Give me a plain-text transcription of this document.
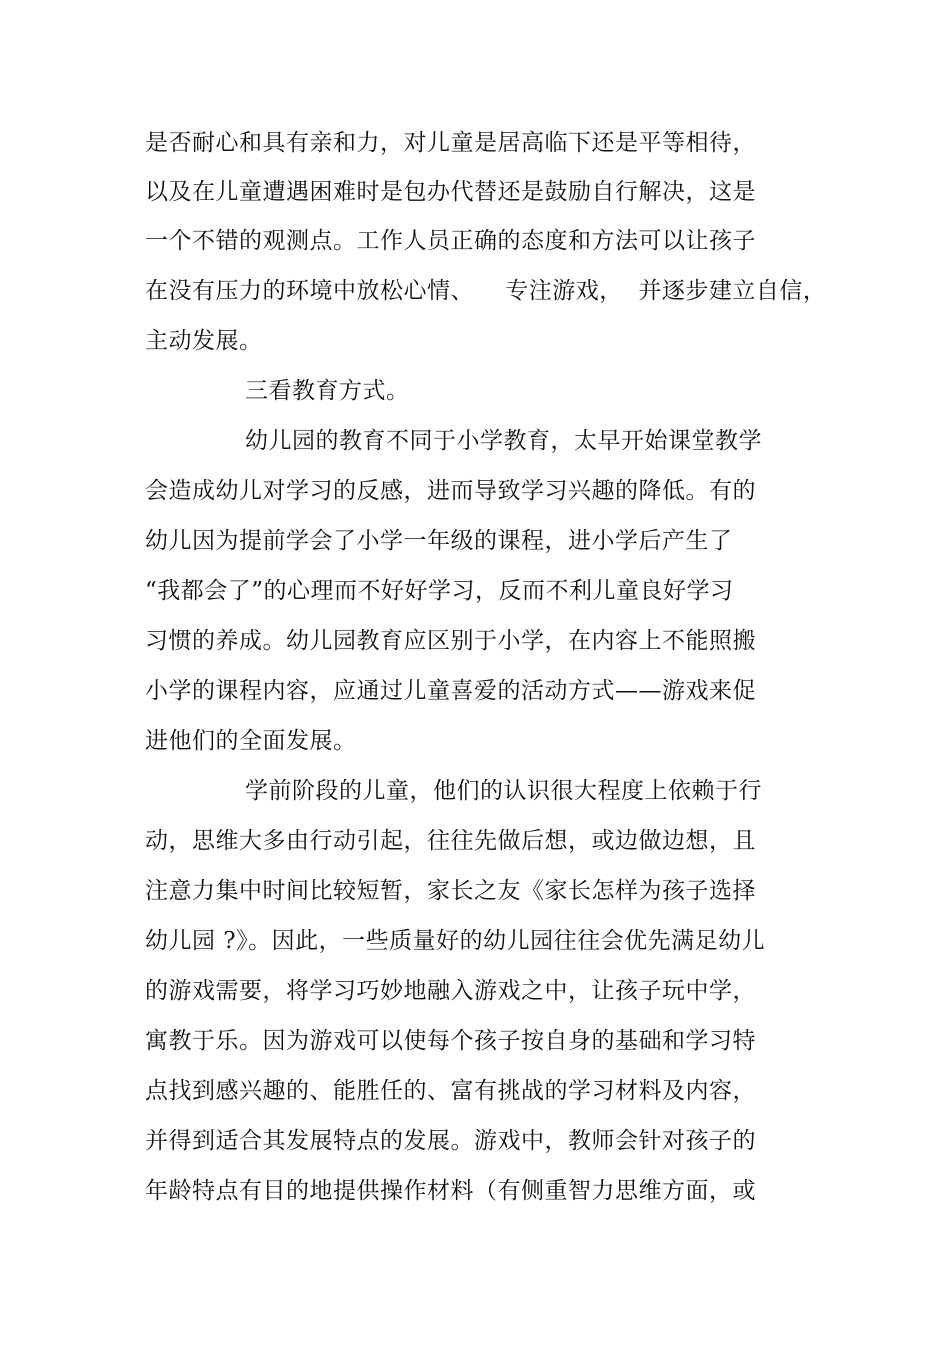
是否耐心和具有亲和力，对儿童是居高临下还是平等相待，
以及在儿童遭遇困难时是包办代替还是鼓励自行解决，这是
一个不错的观测点。工作人员正确的态度和方法可以让孩子
在没有压力的环境中放松心情、    专注游戏，  并逐步建立自信，
主动发展。
三看教育方式。
幼儿园的教育不同于小学教育，太早开始课堂教学
会造成幼儿对学习的反感，进而导致学习兴趣的降低。有的
幼儿因为提前学会了小学一年级的课程，进小学后产生了
“我都会了”的心理而不好好学习，反而不利儿童良好学习
习惯的养成。幼儿园教育应区别于小学，在内容上不能照搬
小学的课程内容，应通过儿童喜爱的活动方式——游戏来促
进他们的全面发展。
学前阶段的儿童，他们的认识很大程度上依赖于行
动，思维大多由行动引起，往往先做后想，或边做边想，且
注意力集中时间比较短暂，家长之友《家长怎样为孩子选择
幼儿园 ?》。因此，一些质量好的幼儿园往往会优先满足幼儿
的游戏需要，将学习巧妙地融入游戏之中，让孩子玩中学，
寓教于乐。因为游戏可以使每个孩子按自身的基础和学习特
点找到感兴趣的、能胜任的、富有挑战的学习材料及内容，
并得到适合其发展特点的发展。游戏中，教师会针对孩子的
年龄特点有目的地提供操作材料（有侧重智力思维方面，或
